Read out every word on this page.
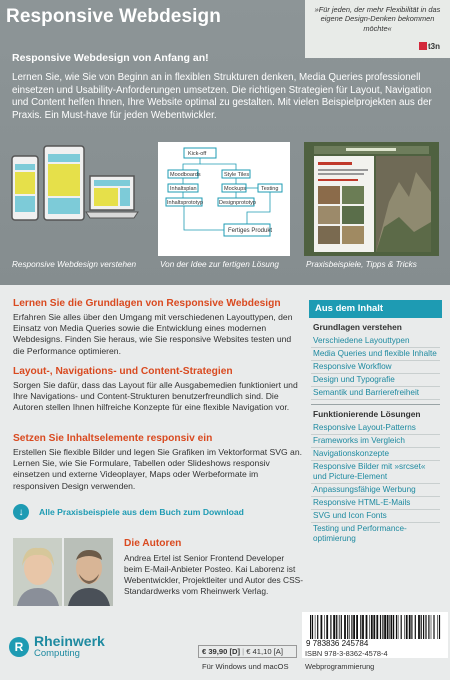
Responsive Webdesign	»Für jeden, der mehr Flexibilität in das eigene Design-Denken bekommen möchte«
t3n
Responsive Webdesign von Anfang an!
Lernen Sie, wie Sie von Beginn an in flexiblen Strukturen denken, Media Queries professionell einsetzen und Usability-Anforderungen umsetzen. Die richtigen Strategien für Layout, Navigation und Content helfen Ihnen, Ihre Website optimal zu gestalten. Mit vielen Beispielprojekten aus der Praxis. Ein Must-have für jeden Webentwickler.
Kick-off
Moodboards	Style Tiles
Inhaltsplan	Mockups	Testing
Inhaltsprototyp	Designprototyp
Fertiges Produkt
Responsive Webdesign verstehen	Von der Idee zur fertigen Lösung	Praxisbeispiele, Tipps & Tricks
Lernen Sie die Grundlagen von Responsive Webdesign
Erfahren Sie alles über den Umgang mit verschiedenen Layouttypen, den Einsatz von Media Queries sowie die Entwicklung eines modernen Webdesigns. Finden Sie heraus, wie Sie responsive Websites testen und die Performance optimieren.
Layout-, Navigations- und Content-Strategien
Sorgen Sie dafür, dass das Layout für alle Ausgabemedien funktioniert und Ihre Navigations- und Content-Strukturen benutzerfreundlich sind. Die Autoren stellen Ihnen hilfreiche Konzepte für eine flexible Navigation vor.
Setzen Sie Inhaltselemente responsiv ein
Erstellen Sie flexible Bilder und legen Sie Grafiken im Vektorformat SVG an. Lernen Sie, wie Sie Formulare, Tabellen oder Slideshows responsiv einsetzen und externe Videoplayer, Maps oder Werbeformate im responsiven Design verwenden.
↓	Alle Praxisbeispiele aus dem Buch zum Download
Die Autoren
Andrea Ertel ist Senior Frontend Developer beim E-Mail-Anbieter Posteo. Kai Laborenz ist Webentwickler, Projektleiter und Autor des CSS-Standardwerks vom Rheinwerk Verlag.
Aus dem Inhalt
Grundlagen verstehen
Verschiedene Layouttypen
Media Queries und flexible Inhalte
Responsive Workflow
Design und Typografie
Semantik und Barrierefreiheit
Funktionierende Lösungen
Responsive Layout-Patterns
Frameworks im Vergleich
Navigationskonzepte
Responsive Bilder mit »srcset« und Picture-Element
Anpassungsfähige Werbung
Responsive HTML-E-Mails
SVG und Icon Fonts
Testing und Performance-optimierung
R Rheinwerk
Computing	€ 39,90 [D] | € 41,10 [A]
Für Windows und macOS
9 783836 245784
ISBN 978-3-8362-4578-4
Webprogrammierung
